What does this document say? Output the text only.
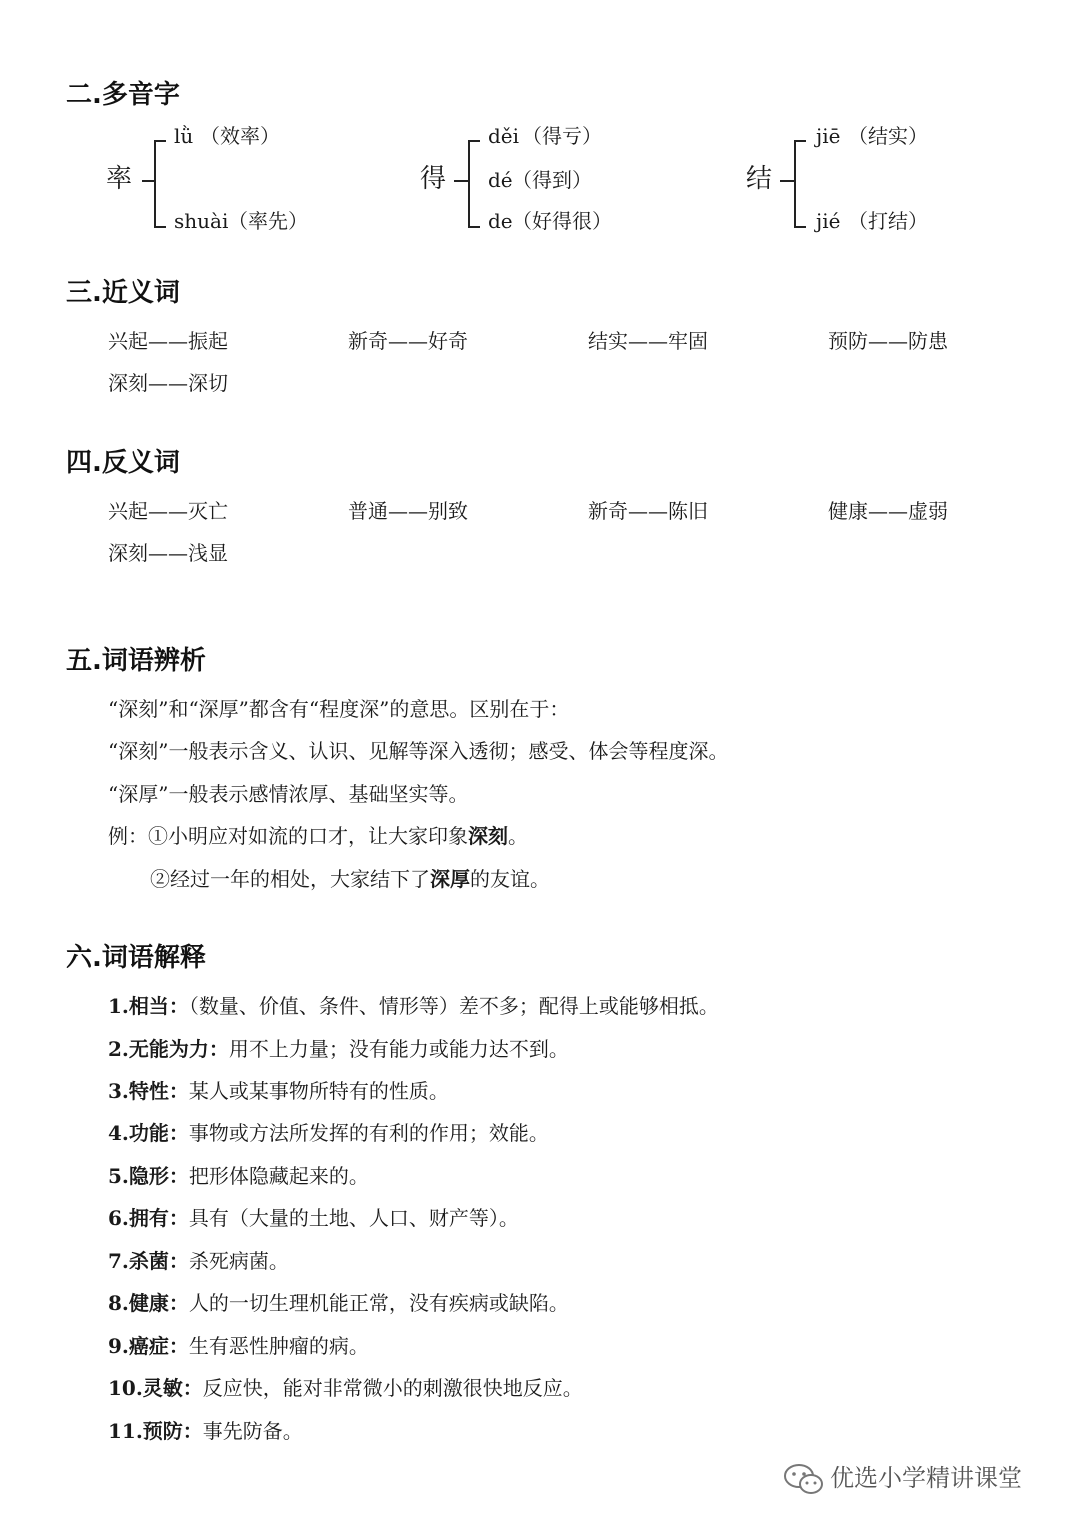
二.多音字
率
lǜ （效率）
shuài （率先）
得
děi （得亏）
dé （得到）
de （好得很）
结
jiē （结实）
jié （打结）
三.近义词
兴起——振起	新奇——好奇	结实——牢固	预防——防患
深刻——深切
四.反义词
兴起——灭亡	普通——别致	新奇——陈旧	健康——虚弱
深刻——浅显
五.词语辨析
“深刻”和“深厚”都含有“程度深”的意思。区别在于：
“深刻”一般表示含义、认识、见解等深入透彻；感受、体会等程度深。
“深厚”一般表示感情浓厚、基础坚实等。
例：①小明应对如流的口才，让大家印象深刻。
②经过一年的相处，大家结下了深厚的友谊。
六.词语解释
1.相当：（数量、价值、条件、情形等）差不多；配得上或能够相抵。
2.无能为力：用不上力量；没有能力或能力达不到。
3.特性：某人或某事物所特有的性质。
4.功能：事物或方法所发挥的有利的作用；效能。
5.隐形：把形体隐藏起来的。
6.拥有：具有（大量的土地、人口、财产等）。
7.杀菌：杀死病菌。
8.健康：人的一切生理机能正常，没有疾病或缺陷。
9.癌症：生有恶性肿瘤的病。
10.灵敏：反应快，能对非常微小的刺激很快地反应。
11.预防：事先防备。
优选小学精讲课堂
